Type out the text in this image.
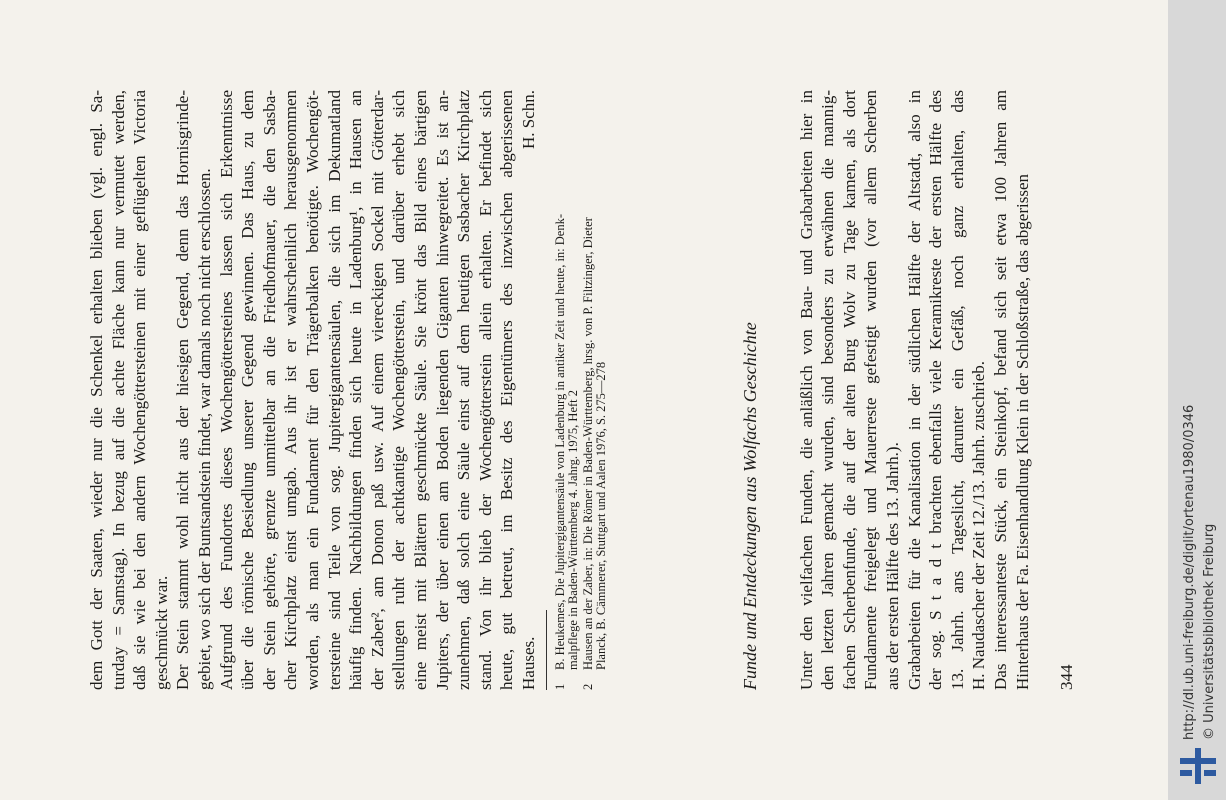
dem Gott der Saaten, wieder nur die Schenkel erhalten blieben (vgl. engl. Sa- turday = Samstag). In bezug auf die achte Fläche kann nur vermutet werden, daß sie wie bei den andern Wochengöttersteinen mit einer geflügelten Victoria geschmückt war. Der Stein stammt wohl nicht aus der hiesigen Gegend, denn das Hornisgrinde- gebiet, wo sich der Buntsandstein findet, war damals noch nicht erschlossen. Aufgrund des Fundortes dieses Wochengöttersteines lassen sich Erkenntnisse über die römische Besiedlung unserer Gegend gewinnen. Das Haus, zu dem der Stein gehörte, grenzte unmittelbar an die Friedhofmauer, die den Sasba- cher Kirchplatz einst umgab. Aus ihr ist er wahrscheinlich herausgenommen worden, als man ein Fundament für den Trägerbalken benötigte. Wochengöt- tersteine sind Teile von sog. Jupitergigantensäulen, die sich im Dekumatland häufig finden. Nachbildungen finden sich heute in Ladenburg¹, in Hausen an der Zaber², am Donon paß usw. Auf einem viereckigen Sockel mit Götterdar- stellungen ruht der achtkantige Wochengötterstein, und darüber erhebt sich eine meist mit Blättern geschmückte Säule. Sie krönt das Bild eines bärtigen Jupiters, der über einen am Boden liegenden Giganten hinwegreitet. Es ist an- zunehmen, daß solch eine Säule einst auf dem heutigen Sasbacher Kirchplatz stand. Von ihr blieb der Wochengötterstein allein erhalten. Er befindet sich heute, gut betreut, im Besitz des Eigentümers des inzwischen abgerissenen Hauses.
H. Schn.
1
B. Heukemes, Die Jupitergigantensäule von Ladenburg in antiker Zeit und heute, in: Denk- malpflege in Baden-Württemberg 4. Jahrg. 1975, Heft 2
2
Hausen an der Zaber, in: Die Römer in Baden-Württemberg, hrsg. von P. Filtzinger, Dieter Planck, B. Cämmerer, Stuttgart und Aalen 1976, S. 275—278	Funde und Entdeckungen aus Wolfachs Geschichte Unter den vielfachen Funden, die anläßlich von Bau- und Grabarbeiten hier in den letzten Jahren gemacht wurden, sind besonders zu erwähnen die mannig- fachen Scherbenfunde, die auf der alten Burg Wolv zu Tage kamen, als dort Fundamente freigelegt und Mauerreste gefestigt wurden (vor allem Scherben aus der ersten Hälfte des 13. Jahrh.). Grabarbeiten für die Kanalisation in der südlichen Hälfte der Altstadt, also in der sog. S t a d t brachten ebenfalls viele Keramikreste der ersten Hälfte des 13. Jahrh. ans Tageslicht, darunter ein Gefäß, noch ganz erhalten, das H. Naudascher der Zeit 12./13. Jahrh. zuschrieb. Das interessanteste Stück, ein Steinkopf, befand sich seit etwa 100 Jahren am Hinterhaus der Fa. Eisenhandlung Klein in der Schloßstraße, das abgerissen 344	http://dl.ub.uni-freiburg.de/diglit/ortenau1980/0346 © Universitätsbibliothek Freiburg
